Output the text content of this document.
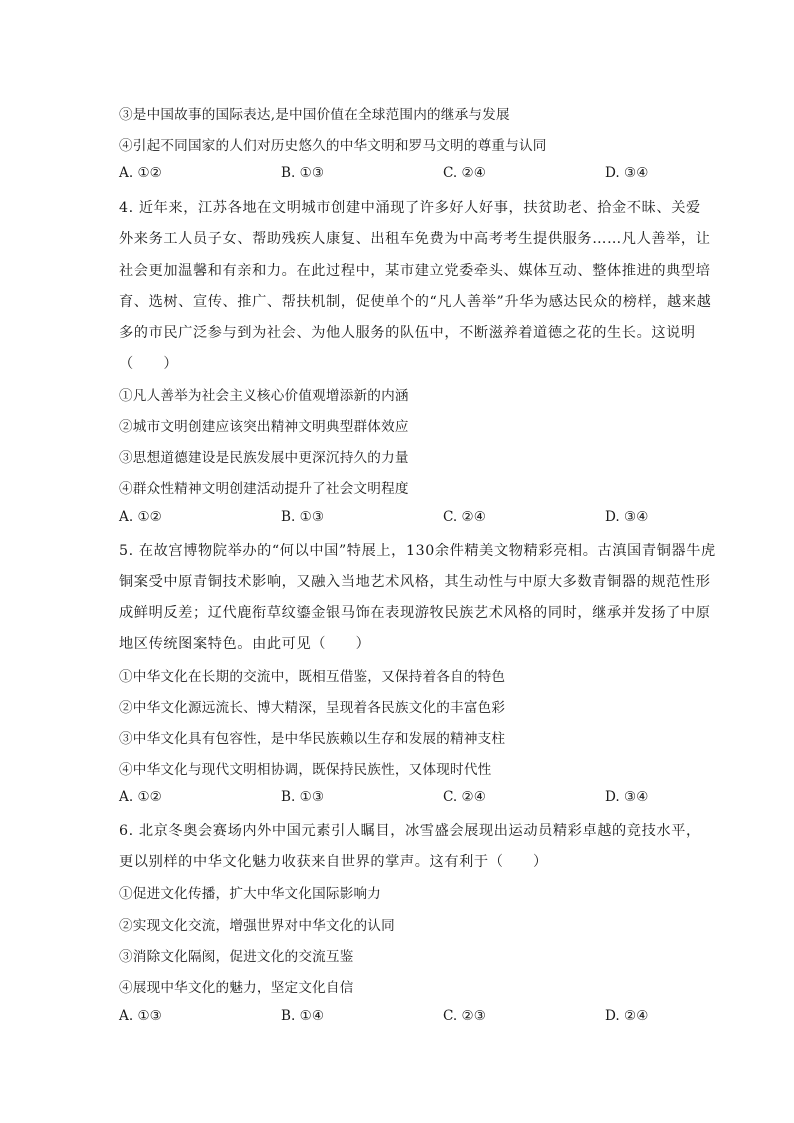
③是中国故事的国际表达,是中国价值在全球范围内的继承与发展
④引起不同国家的人们对历史悠久的中华文明和罗马文明的尊重与认同
A. ①②	B. ①③	C. ②④	D. ③④
4. 近年来，江苏各地在文明城市创建中涌现了许多好人好事，扶贫助老、拾金不昧、关爱
外来务工人员子女、帮助残疾人康复、出租车免费为中高考考生提供服务……凡人善举，让
社会更加温馨和有亲和力。在此过程中，某市建立党委牵头、媒体互动、整体推进的典型培
育、选树、宣传、推广、帮扶机制，促使单个的“凡人善举”升华为感达民众的榜样，越来越
多的市民广泛参与到为社会、为他人服务的队伍中，不断滋养着道德之花的生长。这说明
（　　）
①凡人善举为社会主义核心价值观增添新的内涵
②城市文明创建应该突出精神文明典型群体效应
③思想道德建设是民族发展中更深沉持久的力量
④群众性精神文明创建活动提升了社会文明程度
A. ①②	B. ①③	C. ②④	D. ③④
5. 在故宫博物院举办的“何以中国”特展上，130余件精美文物精彩亮相。古滇国青铜器牛虎
铜案受中原青铜技术影响，又融入当地艺术风格，其生动性与中原大多数青铜器的规范性形
成鲜明反差；辽代鹿衔草纹鎏金银马饰在表现游牧民族艺术风格的同时，继承并发扬了中原
地区传统图案特色。由此可见（　　）
①中华文化在长期的交流中，既相互借鉴，又保持着各自的特色
②中华文化源远流长、博大精深，呈现着各民族文化的丰富色彩
③中华文化具有包容性，是中华民族赖以生存和发展的精神支柱
④中华文化与现代文明相协调，既保持民族性，又体现时代性
A. ①②	B. ①③	C. ②④	D. ③④
6. 北京冬奥会赛场内外中国元素引人瞩目，冰雪盛会展现出运动员精彩卓越的竞技水平，
更以别样的中华文化魅力收获来自世界的掌声。这有利于（　　）
①促进文化传播，扩大中华文化国际影响力
②实现文化交流，增强世界对中华文化的认同
③消除文化隔阂，促进文化的交流互鉴
④展现中华文化的魅力，坚定文化自信
A. ①③	B. ①④	C. ②③	D. ②④
